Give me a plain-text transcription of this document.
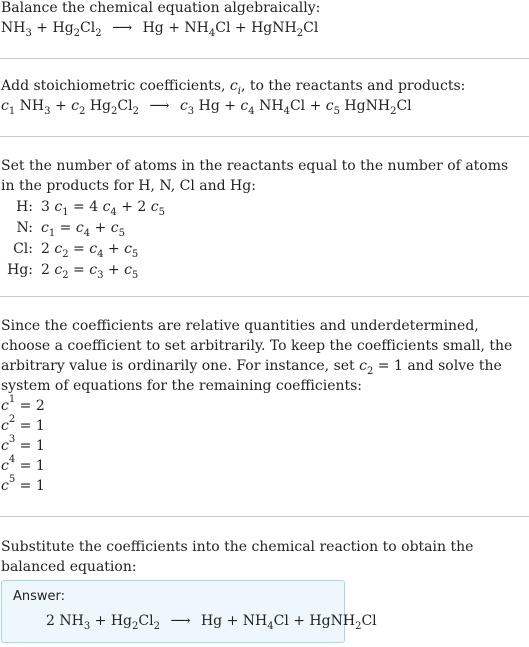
Balance the chemical equation algebraically:
$NH_3 + Hg_2Cl_2$ ⟶ $Hg + NH_4Cl$ + HgNH$_2$Cl
Add stoichiometric coefficients, $c_i$, to the reactants and products:
$c_1$ $NH_3 + c_2$ $Hg_2Cl_2$ ⟶ $c_3$ $Hg + c_4$ $NH_4Cl + c_5$ HgNH$_2$Cl
Set the number of atoms in the reactants equal to the number of atoms in the products for H, N, Cl and Hg:
H: 3 $c_1 = 4$ $c_4 + 2$ $c_5$
N: $c_1 = c_4 + c_5$
Cl: 2 $c_2 = c_4 + c_5$
Hg: 2 $c_2 = c_3 + c_5$
Since the coefficients are relative quantities and underdetermined, choose a coefficient to set arbitrarily. To keep the coefficients small, the arbitrary value is ordinarily one. For instance, set $c_2 = 1$ and solve the system of equations for the remaining coefficients:
c 1
= 2
c 2
= 1
c 3
= 1
c 4
= 1
c 5
= 1
Substitute the coefficients into the chemical reaction to obtain the balanced equation:
Answer:
2 $NH_3 + Hg_2Cl_2$ ⟶ $Hg + NH_4Cl$ + HgNH$_2$Cl
